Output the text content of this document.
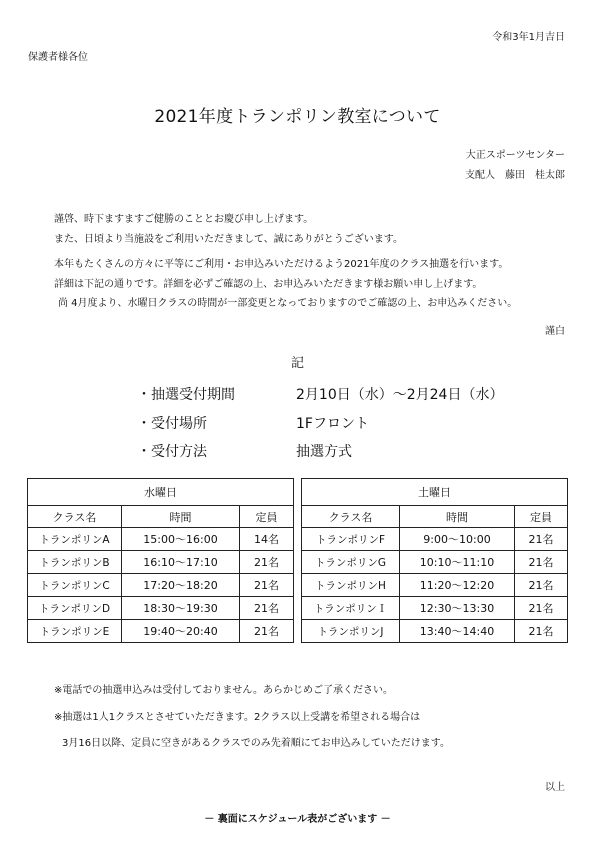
令和3年1月吉日
保護者様各位
2021年度トランポリン教室について
大正スポーツセンター
支配人　藤田　桂太郎
謹啓、時下ますますご健勝のこととお慶び申し上げます。
また、日頃より当施設をご利用いただきまして、誠にありがとうございます。
本年もたくさんの方々に平等にご利用・お申込みいただけるよう2021年度のクラス抽選を行います。
詳細は下記の通りです。詳細を必ずご確認の上、お申込みいただきます様お願い申し上げます。
尚 4月度より、水曜日クラスの時間が一部変更となっておりますのでご確認の上、お申込みください。
謹白
記
・抽選受付期間	2月10日（水）～2月24日（水）
・受付場所	1Fフロント
・受付方法	抽選方式
水曜日		
クラス名	時間	定員
トランポリンA	15:00～16:00	14名
トランポリンB	16:10～17:10	21名
トランポリンC	17:20～18:20	21名
トランポリンD	18:30～19:30	21名
トランポリンE	19:40～20:40	21名
土曜日		
クラス名	時間	定員
トランポリンF	9:00～10:00	21名
トランポリンG	10:10～11:10	21名
トランポリンH	11:20～12:20	21名
トランポリンＩ	12:30～13:30	21名
トランポリンJ	13:40～14:40	21名
※電話での抽選申込みは受付しておりません。あらかじめご了承ください。
※抽選は1人1クラスとさせていただきます。2クラス以上受講を希望される場合は
3月16日以降、定員に空きがあるクラスでのみ先着順にてお申込みしていただけます。
以上
－ 裏面にスケジュール表がございます －
